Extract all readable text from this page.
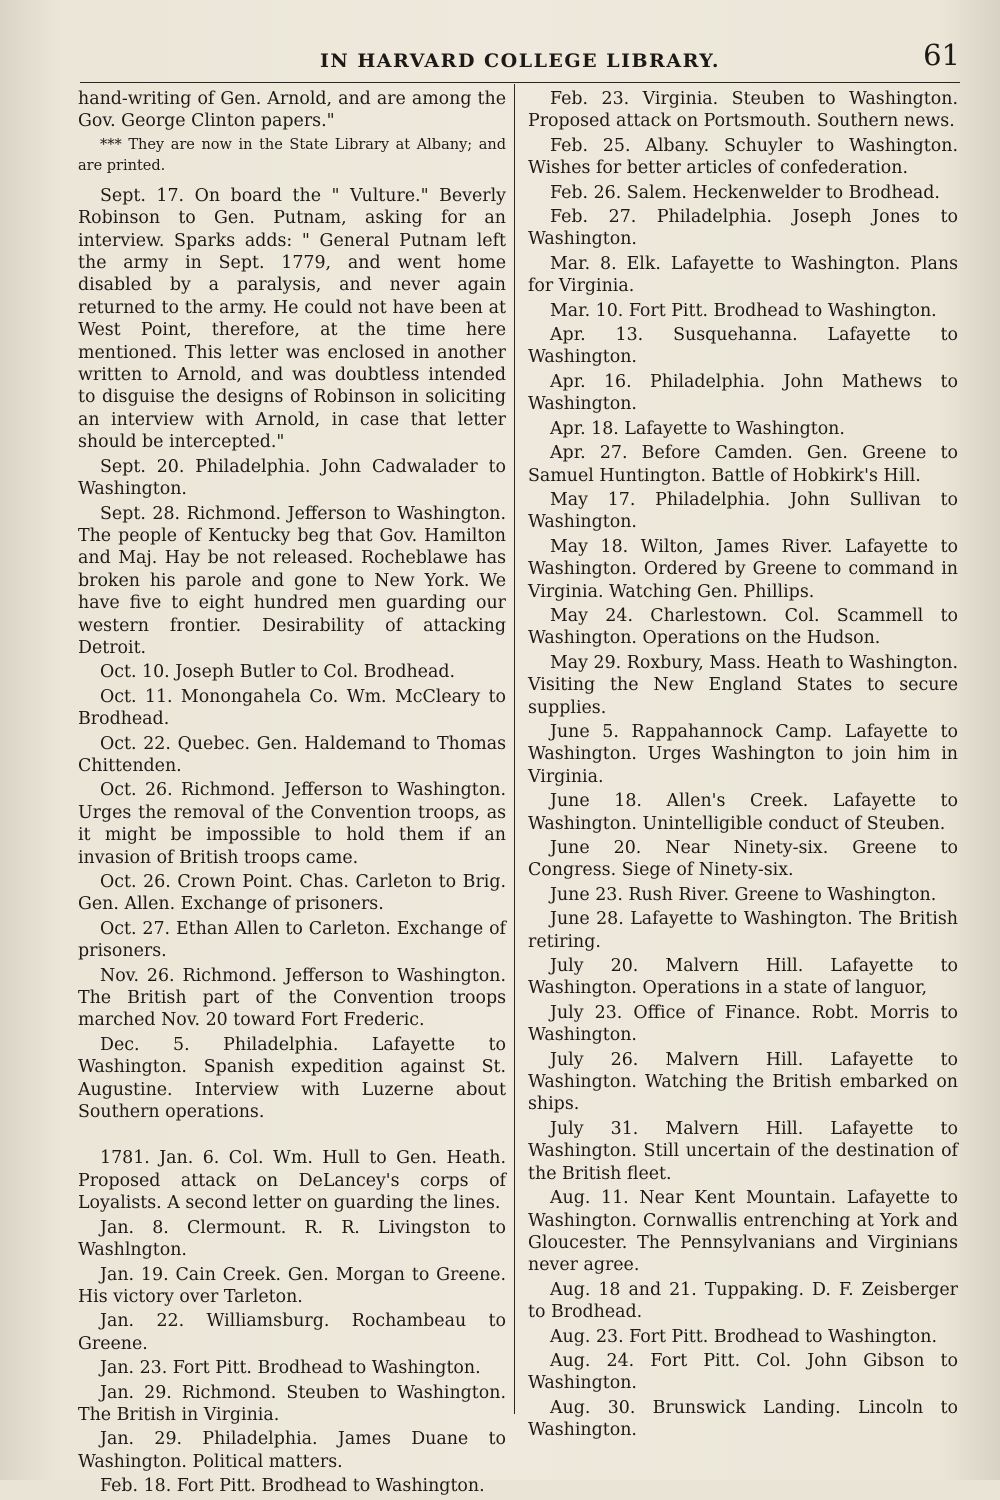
IN HARVARD COLLEGE LIBRARY.	61

hand-writing of Gen. Arnold, and are among the Gov. George Clinton papers."

*** They are now in the State Library at Albany; and are printed.

Sept. 17. On board the " Vulture." Beverly Robinson to Gen. Putnam, asking for an interview. Sparks adds: " General Putnam left the army in Sept. 1779, and went home disabled by a paralysis, and never again returned to the army. He could not have been at West Point, therefore, at the time here mentioned. This letter was enclosed in another written to Arnold, and was doubtless intended to disguise the designs of Robinson in soliciting an interview with Arnold, in case that letter should be intercepted."

Sept. 20. Philadelphia. John Cadwalader to Washington.

Sept. 28. Richmond. Jefferson to Washington. The people of Kentucky beg that Gov. Hamilton and Maj. Hay be not released. Rocheblawe has broken his parole and gone to New York. We have five to eight hundred men guarding our western frontier. Desirability of attacking Detroit.

Oct. 10. Joseph Butler to Col. Brodhead.

Oct. 11. Monongahela Co. Wm. McCleary to Brodhead.

Oct. 22. Quebec. Gen. Haldemand to Thomas Chittenden.

Oct. 26. Richmond. Jefferson to Washington. Urges the removal of the Convention troops, as it might be impossible to hold them if an invasion of British troops came.

Oct. 26. Crown Point. Chas. Carleton to Brig. Gen. Allen. Exchange of prisoners.

Oct. 27. Ethan Allen to Carleton. Exchange of prisoners.

Nov. 26. Richmond. Jefferson to Washington. The British part of the Convention troops marched Nov. 20 toward Fort Frederic.

Dec. 5. Philadelphia. Lafayette to Washington. Spanish expedition against St. Augustine. Interview with Luzerne about Southern operations.

1781. Jan. 6. Col. Wm. Hull to Gen. Heath. Proposed attack on DeLancey's corps of Loyalists. A second letter on guarding the lines.

Jan. 8. Clermount. R. R. Livingston to Washlngton.

Jan. 19. Cain Creek. Gen. Morgan to Greene. His victory over Tarleton.

Jan. 22. Williamsburg. Rochambeau to Greene.

Jan. 23. Fort Pitt. Brodhead to Washington.

Jan. 29. Richmond. Steuben to Washington. The British in Virginia.

Jan. 29. Philadelphia. James Duane to Washington. Political matters.

Feb. 18. Fort Pitt. Brodhead to Washington.

Feb. 23. Virginia. Steuben to Washington. Proposed attack on Portsmouth. Southern news.

Feb. 25. Albany. Schuyler to Washington. Wishes for better articles of confederation.

Feb. 26. Salem. Heckenwelder to Brodhead.

Feb. 27. Philadelphia. Joseph Jones to Washington.

Mar. 8. Elk. Lafayette to Washington. Plans for Virginia.

Mar. 10. Fort Pitt. Brodhead to Washington.

Apr. 13. Susquehanna. Lafayette to Washington.

Apr. 16. Philadelphia. John Mathews to Washington.

Apr. 18. Lafayette to Washington.

Apr. 27. Before Camden. Gen. Greene to Samuel Huntington. Battle of Hobkirk's Hill.

May 17. Philadelphia. John Sullivan to Washington.

May 18. Wilton, James River. Lafayette to Washington. Ordered by Greene to command in Virginia. Watching Gen. Phillips.

May 24. Charlestown. Col. Scammell to Washington. Operations on the Hudson.

May 29. Roxbury, Mass. Heath to Washington. Visiting the New England States to secure supplies.

June 5. Rappahannock Camp. Lafayette to Washington. Urges Washington to join him in Virginia.

June 18. Allen's Creek. Lafayette to Washington. Unintelligible conduct of Steuben.

June 20. Near Ninety-six. Greene to Congress. Siege of Ninety-six.

June 23. Rush River. Greene to Washington.

June 28. Lafayette to Washington. The British retiring.

July 20. Malvern Hill. Lafayette to Washington. Operations in a state of languor,

July 23. Office of Finance. Robt. Morris to Washington.

July 26. Malvern Hill. Lafayette to Washington. Watching the British embarked on ships.

July 31. Malvern Hill. Lafayette to Washington. Still uncertain of the destination of the British fleet.

Aug. 11. Near Kent Mountain. Lafayette to Washington. Cornwallis entrenching at York and Gloucester. The Pennsylvanians and Virginians never agree.

Aug. 18 and 21. Tuppaking. D. F. Zeisberger to Brodhead.

Aug. 23. Fort Pitt. Brodhead to Washington.

Aug. 24. Fort Pitt. Col. John Gibson to Washington.

Aug. 30. Brunswick Landing. Lincoln to Washington.
